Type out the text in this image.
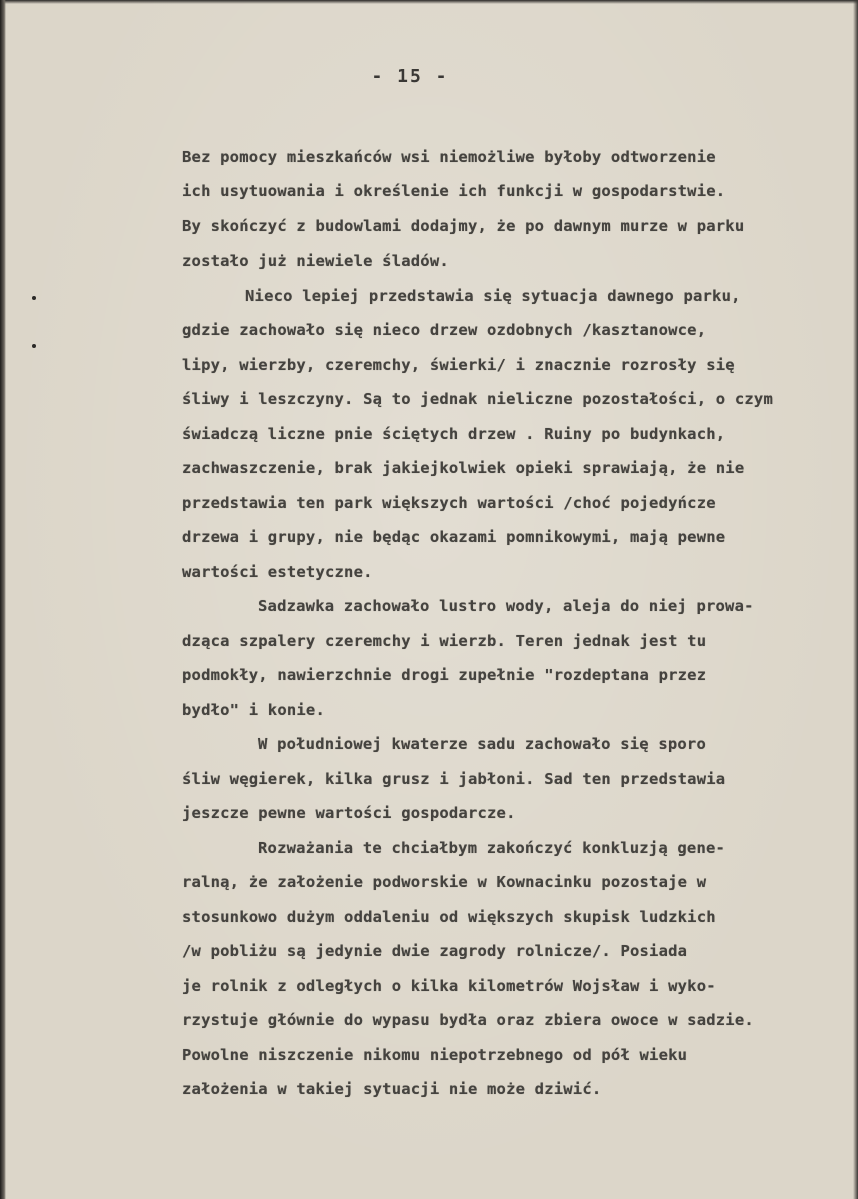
- 15 -
Bez pomocy mieszkańców wsi niemożliwe byłoby odtworzenie
ich usytuowania i określenie ich funkcji w gospodarstwie.
By skończyć z budowlami dodajmy, że po dawnym murze w parku
zostało już niewiele śladów.
Nieco lepiej przedstawia się sytuacja dawnego parku,
gdzie zachowało się nieco drzew ozdobnych /kasztanowce,
lipy, wierzby, czeremchy, świerki/ i znacznie rozrosły się
śliwy i leszczyny. Są to jednak nieliczne pozostałości, o czym
świadczą liczne pnie ściętych drzew . Ruiny po budynkach,
zachwaszczenie, brak jakiejkolwiek opieki sprawiają, że nie
przedstawia ten park większych wartości /choć pojedyńcze
drzewa i grupy, nie będąc okazami pomnikowymi, mają pewne
wartości estetyczne.
Sadzawka zachowało lustro wody, aleja do niej prowa-
dząca szpalery czeremchy i wierzb. Teren jednak jest tu
podmokły, nawierzchnie drogi zupełnie "rozdeptana przez
bydło" i konie.
W południowej kwaterze sadu zachowało się sporo
śliw węgierek, kilka grusz i jabłoni. Sad ten przedstawia
jeszcze pewne wartości gospodarcze.
Rozważania te chciałbym zakończyć konkluzją gene-
ralną, że założenie podworskie w Kownacinku pozostaje w
stosunkowo dużym oddaleniu od większych skupisk ludzkich
/w pobliżu są jedynie dwie zagrody rolnicze/. Posiada
je rolnik z odległych o kilka kilometrów Wojsław i wyko-
rzystuje głównie do wypasu bydła oraz zbiera owoce w sadzie.
Powolne niszczenie nikomu niepotrzebnego od pół wieku
założenia w takiej sytuacji nie może dziwić.
